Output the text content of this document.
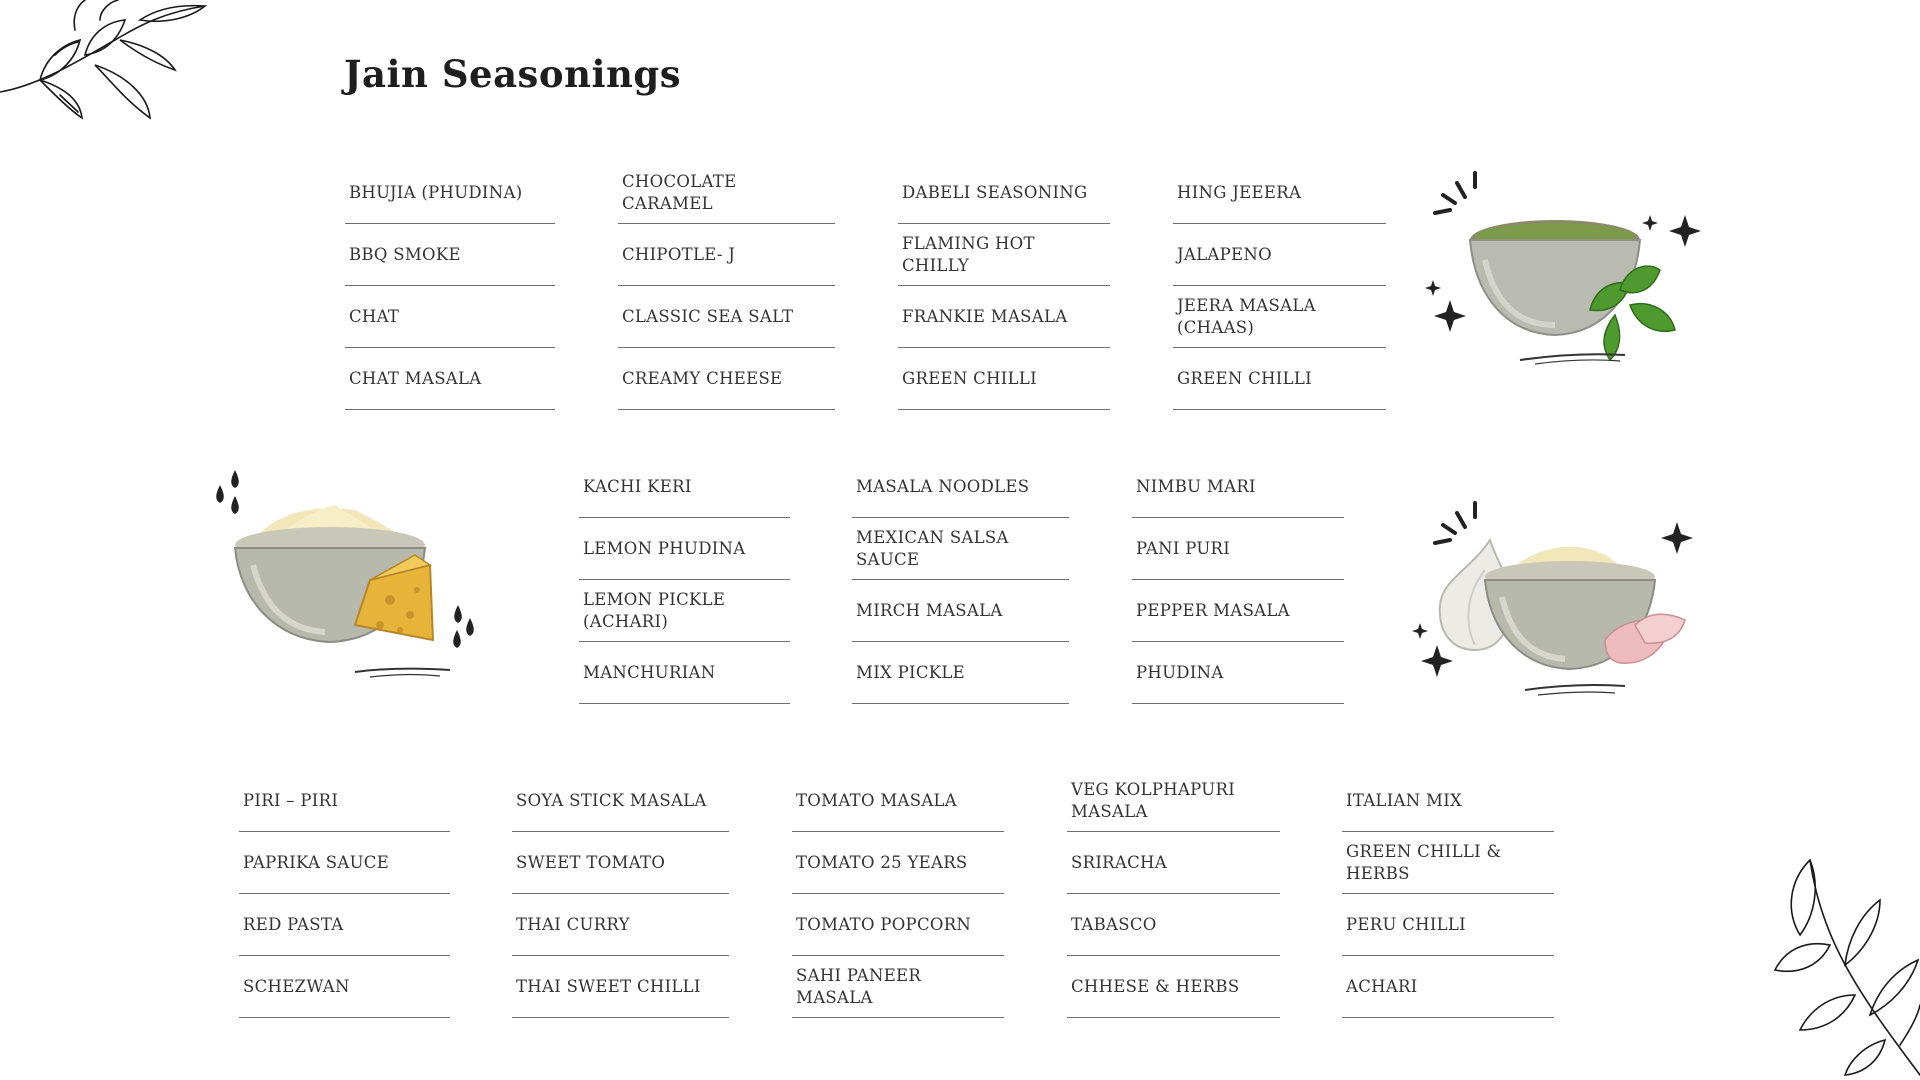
Jain Seasonings
BHUJIA (PHUDINA)
BBQ SMOKE
CHAT
CHAT MASALA
CHOCOLATE CARAMEL
CHIPOTLE- J
CLASSIC SEA SALT
CREAMY CHEESE
DABELI SEASONING
FLAMING HOT CHILLY
FRANKIE MASALA
GREEN CHILLI
HING JEEERA
JALAPENO
JEERA MASALA (CHAAS)
GREEN CHILLI
KACHI KERI
LEMON PHUDINA
LEMON PICKLE (ACHARI)
MANCHURIAN
MASALA NOODLES
MEXICAN SALSA SAUCE
MIRCH MASALA
MIX PICKLE
NIMBU MARI
PANI PURI
PEPPER MASALA
PHUDINA
PIRI – PIRI
PAPRIKA SAUCE
RED PASTA
SCHEZWAN
SOYA STICK MASALA
SWEET TOMATO
THAI CURRY
THAI SWEET CHILLI
TOMATO MASALA
TOMATO 25 YEARS
TOMATO POPCORN
SAHI PANEER MASALA
VEG KOLPHAPURI MASALA
SRIRACHA
TABASCO
CHHESE & HERBS
ITALIAN MIX
GREEN CHILLI & HERBS
PERU CHILLI
ACHARI
